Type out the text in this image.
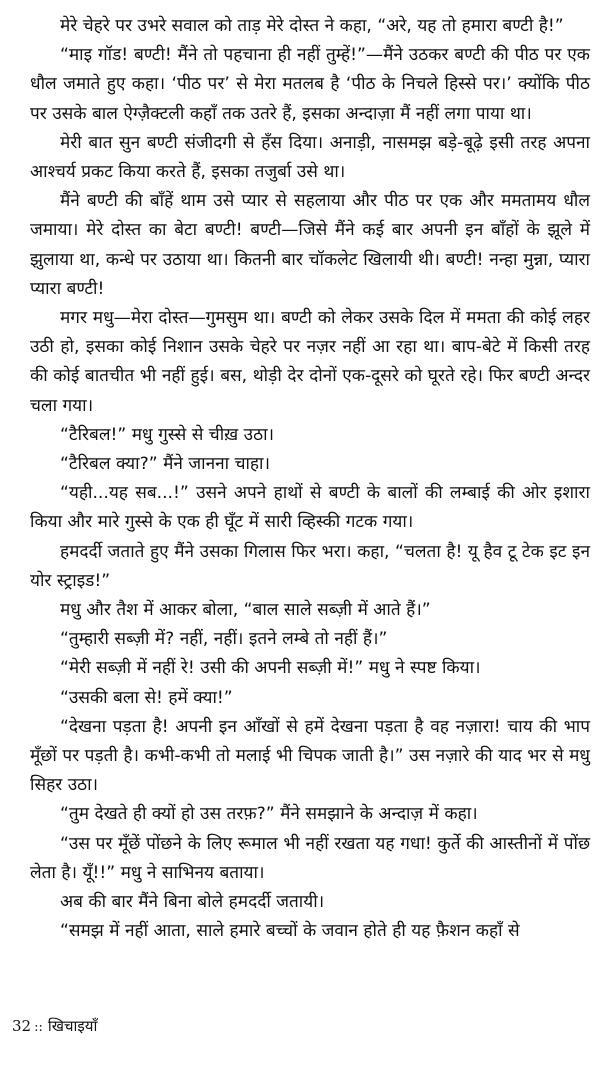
मेरे चेहरे पर उभरे सवाल को ताड़ मेरे दोस्त ने कहा, “अरे, यह तो हमारा बण्टी है!”

“माइ गॉड! बण्टी! मैंने तो पहचाना ही नहीं तुम्हें!”—मैंने उठकर बण्टी की पीठ पर एक धौल जमाते हुए कहा। ‘पीठ पर’ से मेरा मतलब है ‘पीठ के निचले हिस्से पर।’ क्योंकि पीठ पर उसके बाल ऐग्ज़ैक्टली कहाँ तक उतरे हैं, इसका अन्दाज़ा मैं नहीं लगा पाया था।

मेरी बात सुन बण्टी संजीदगी से हँस दिया। अनाड़ी, नासमझ बड़े-बूढ़े इसी तरह अपना आश्चर्य प्रकट किया करते हैं, इसका तजुर्बा उसे था।

मैंने बण्टी की बाँहें थाम उसे प्यार से सहलाया और पीठ पर एक और ममतामय धौल जमाया। मेरे दोस्त का बेटा बण्टी! बण्टी—जिसे मैंने कई बार अपनी इन बाँहों के झूले में झुलाया था, कन्धे पर उठाया था। कितनी बार चॉकलेट खिलायी थी। बण्टी! नन्हा मुन्ना, प्यारा प्यारा बण्टी!

मगर मधु—मेरा दोस्त—गुमसुम था। बण्टी को लेकर उसके दिल में ममता की कोई लहर उठी हो, इसका कोई निशान उसके चेहरे पर नज़र नहीं आ रहा था। बाप-बेटे में किसी तरह की कोई बातचीत भी नहीं हुई। बस, थोड़ी देर दोनों एक-दूसरे को घूरते रहे। फिर बण्टी अन्दर चला गया।

“टैरिबल!” मधु गुस्से से चीख़ उठा।

“टैरिबल क्या?” मैंने जानना चाहा।

“यही...यह सब...!” उसने अपने हाथों से बण्टी के बालों की लम्बाई की ओर इशारा किया और मारे गुस्से के एक ही घूँट में सारी व्हिस्की गटक गया।

हमदर्दी जताते हुए मैंने उसका गिलास फिर भरा। कहा, “चलता है! यू हैव टू टेक इट इन योर स्ट्राइड!”

मधु और तैश में आकर बोला, “बाल साले सब्ज़ी में आते हैं।”

“तुम्हारी सब्ज़ी में? नहीं, नहीं। इतने लम्बे तो नहीं हैं।”

“मेरी सब्ज़ी में नहीं रे! उसी की अपनी सब्ज़ी में!” मधु ने स्पष्ट किया।

“उसकी बला से! हमें क्या!”

“देखना पड़ता है! अपनी इन आँखों से हमें देखना पड़ता है वह नज़ारा! चाय की भाप मूँछों पर पड़ती है। कभी-कभी तो मलाई भी चिपक जाती है।” उस नज़ारे की याद भर से मधु सिहर उठा।

“तुम देखते ही क्यों हो उस तरफ़?” मैंने समझाने के अन्दाज़ में कहा।

“उस पर मूँछें पोंछने के लिए रूमाल भी नहीं रखता यह गधा! कुर्ते की आस्तीनों में पोंछ लेता है। यूँ!!” मधु ने साभिनय बताया।

अब की बार मैंने बिना बोले हमदर्दी जतायी।

“समझ में नहीं आता, साले हमारे बच्चों के जवान होते ही यह फ़ैशन कहाँ से

32 :: खिचाइयाँ
